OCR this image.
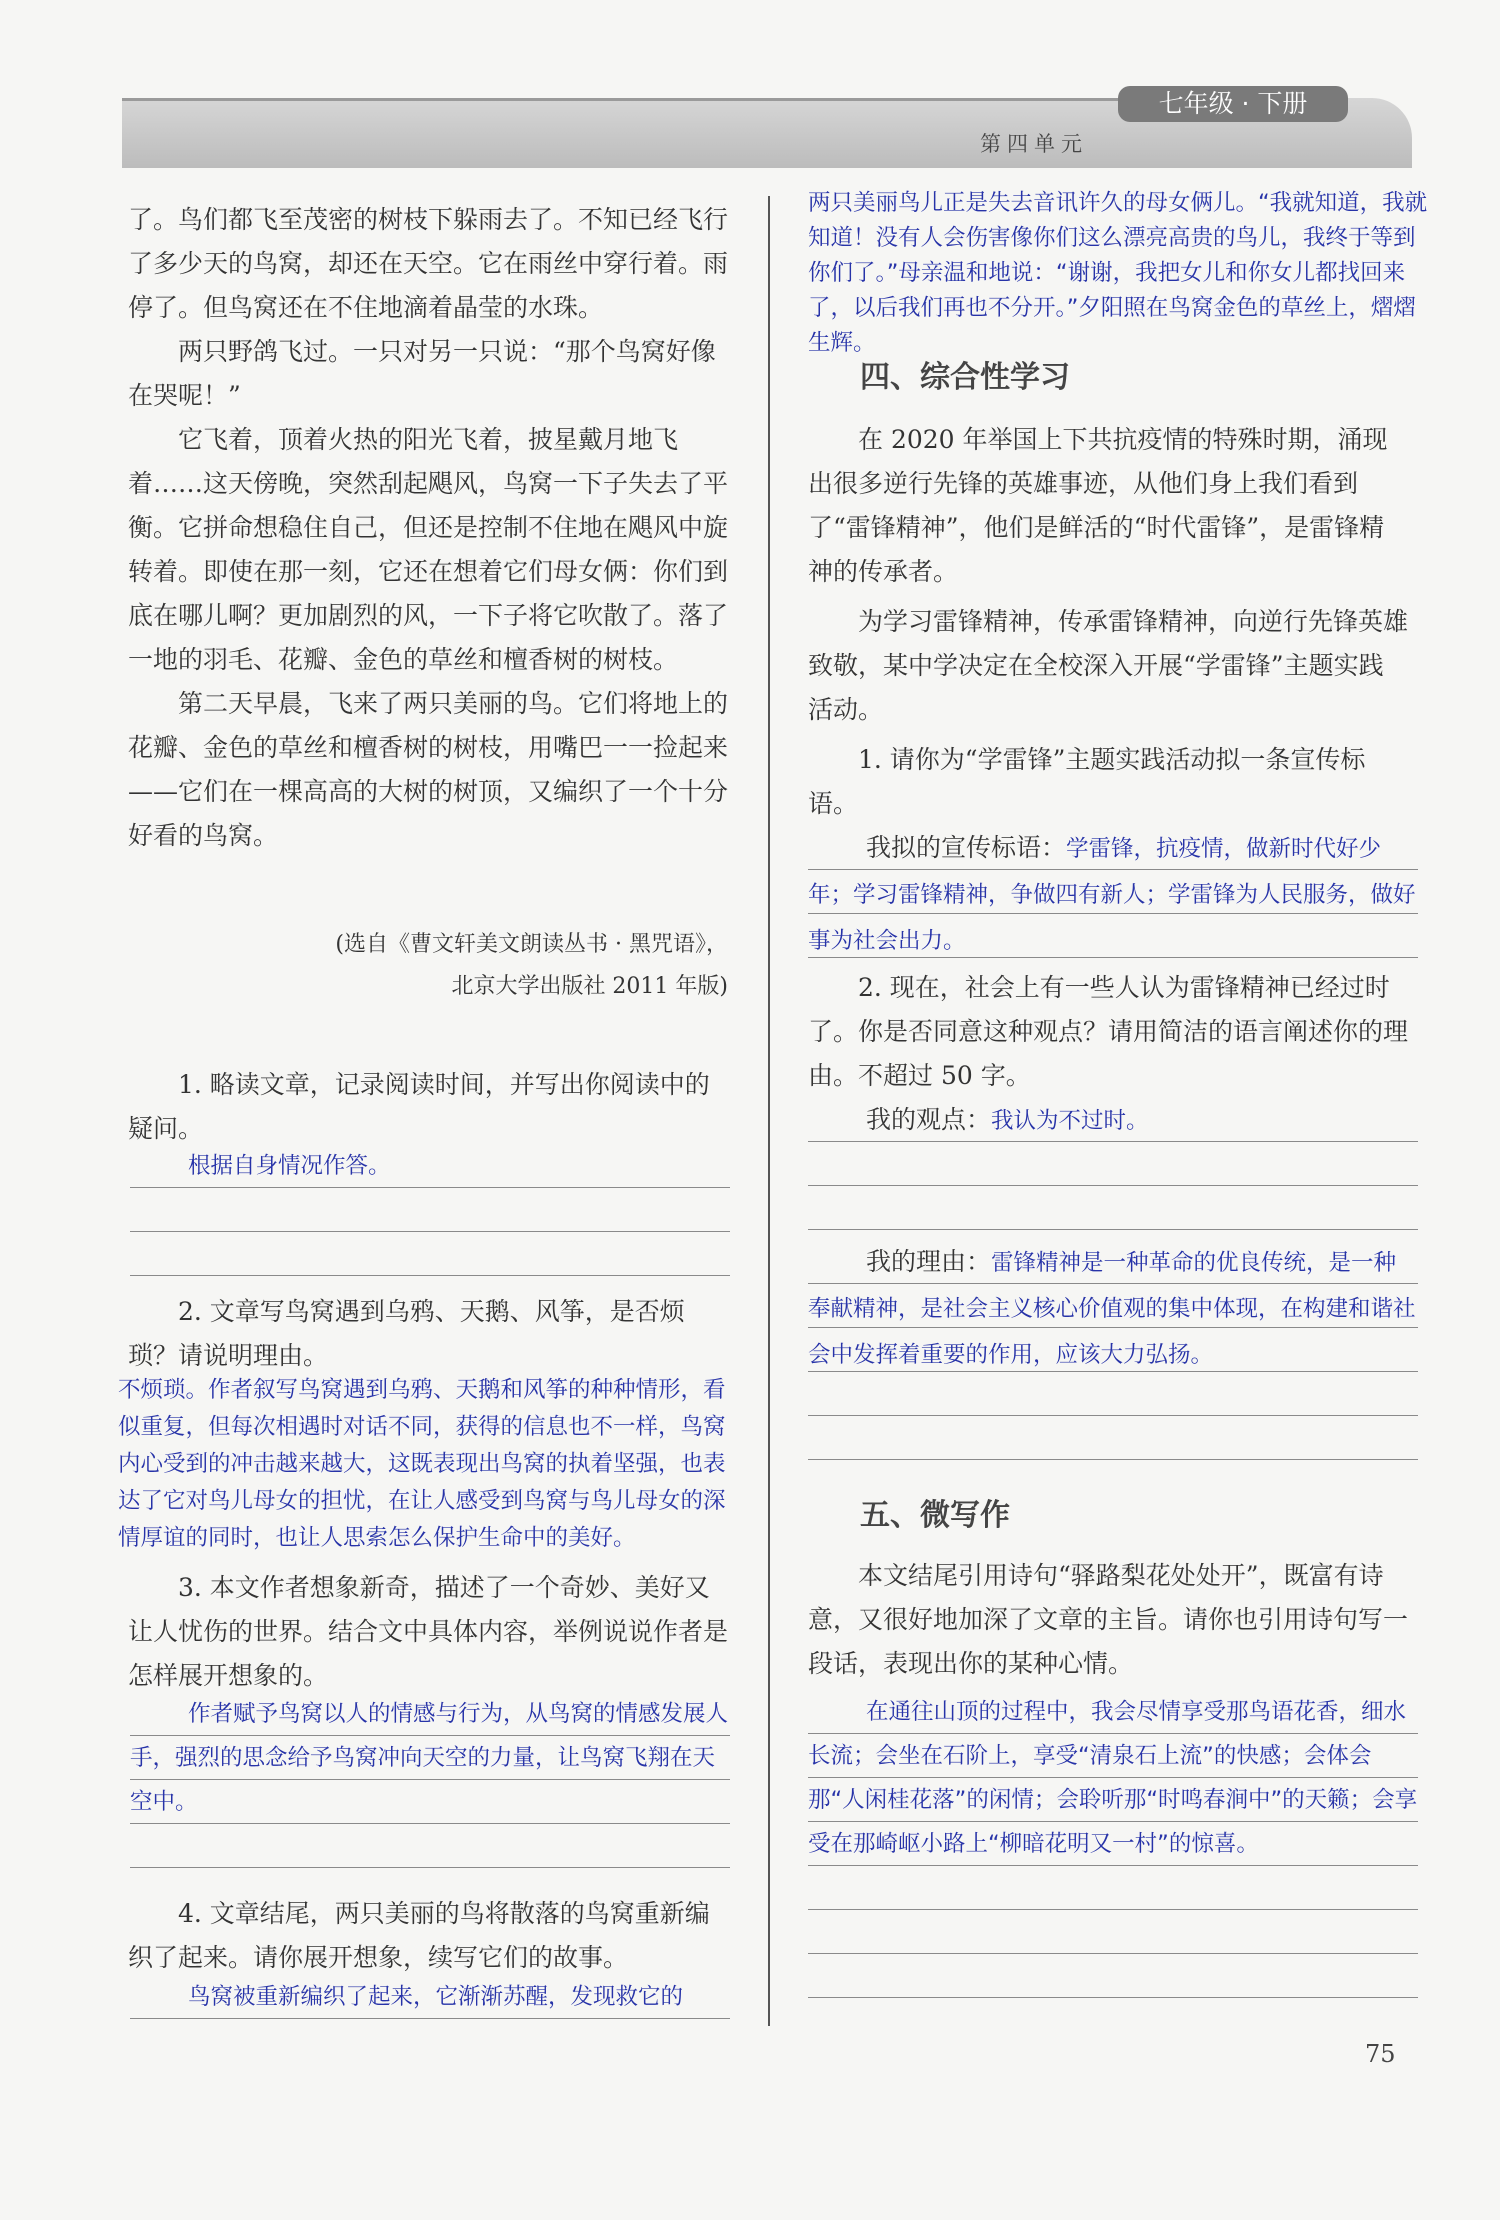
七年级 · 下册
第四单元
了。鸟们都飞至茂密的树枝下躲雨去了。不知已经飞行了多少天的鸟窝，却还在天空。它在雨丝中穿行着。雨停了。但鸟窝还在不住地滴着晶莹的水珠。
两只野鸽飞过。一只对另一只说：“那个鸟窝好像在哭呢！”
它飞着，顶着火热的阳光飞着，披星戴月地飞着……这天傍晚，突然刮起飓风，鸟窝一下子失去了平衡。它拼命想稳住自己，但还是控制不住地在飓风中旋转着。即使在那一刻，它还在想着它们母女俩：你们到底在哪儿啊？更加剧烈的风，一下子将它吹散了。落了一地的羽毛、花瓣、金色的草丝和檀香树的树枝。
第二天早晨，飞来了两只美丽的鸟。它们将地上的花瓣、金色的草丝和檀香树的树枝，用嘴巴一一捡起来——它们在一棵高高的大树的树顶，又编织了一个十分好看的鸟窝。
(选自《曹文轩美文朗读丛书 · 黑咒语》，
北京大学出版社 2011 年版)
1. 略读文章，记录阅读时间，并写出你阅读中的疑问。
根据自身情况作答。
2. 文章写鸟窝遇到乌鸦、天鹅、风筝，是否烦琐？请说明理由。
不烦琐。作者叙写鸟窝遇到乌鸦、天鹅和风筝的种种情形，看似重复，但每次相遇时对话不同，获得的信息也不一样，鸟窝内心受到的冲击越来越大，这既表现出鸟窝的执着坚强，也表达了它对鸟儿母女的担忧，在让人感受到鸟窝与鸟儿母女的深情厚谊的同时，也让人思索怎么保护生命中的美好。
3. 本文作者想象新奇，描述了一个奇妙、美好又让人忧伤的世界。结合文中具体内容，举例说说作者是怎样展开想象的。
作者赋予鸟窝以人的情感与行为，从鸟窝的情感发展人手，强烈的思念给予鸟窝冲向天空的力量，让鸟窝飞翔在天空中。
4. 文章结尾，两只美丽的鸟将散落的鸟窝重新编织了起来。请你展开想象，续写它们的故事。
鸟窝被重新编织了起来，它渐渐苏醒，发现救它的
两只美丽鸟儿正是失去音讯许久的母女俩儿。“我就知道，我就知道！没有人会伤害像你们这么漂亮高贵的鸟儿，我终于等到你们了。”母亲温和地说：“谢谢，我把女儿和你女儿都找回来了，以后我们再也不分开。”夕阳照在鸟窝金色的草丝上，熠熠生辉。
四、综合性学习
在 2020 年举国上下共抗疫情的特殊时期，涌现出很多逆行先锋的英雄事迹，从他们身上我们看到了“雷锋精神”，他们是鲜活的“时代雷锋”，是雷锋精神的传承者。
为学习雷锋精神，传承雷锋精神，向逆行先锋英雄致敬，某中学决定在全校深入开展“学雷锋”主题实践活动。
1. 请你为“学雷锋”主题实践活动拟一条宣传标语。
我拟的宣传标语：学雷锋，抗疫情，做新时代好少年；学习雷锋精神，争做四有新人；学雷锋为人民服务，做好事为社会出力。
2. 现在，社会上有一些人认为雷锋精神已经过时了。你是否同意这种观点？请用简洁的语言阐述你的理由。不超过 50 字。
我的观点：我认为不过时。
我的理由：雷锋精神是一种革命的优良传统，是一种奉献精神，是社会主义核心价值观的集中体现，在构建和谐社会中发挥着重要的作用，应该大力弘扬。
五、微写作
本文结尾引用诗句“驿路梨花处处开”，既富有诗意，又很好地加深了文章的主旨。请你也引用诗句写一段话，表现出你的某种心情。
在通往山顶的过程中，我会尽情享受那鸟语花香，细水长流；会坐在石阶上，享受“清泉石上流”的快感；会体会那“人闲桂花落”的闲情；会聆听那“时鸣春涧中”的天籁；会享受在那崎岖小路上“柳暗花明又一村”的惊喜。
75
